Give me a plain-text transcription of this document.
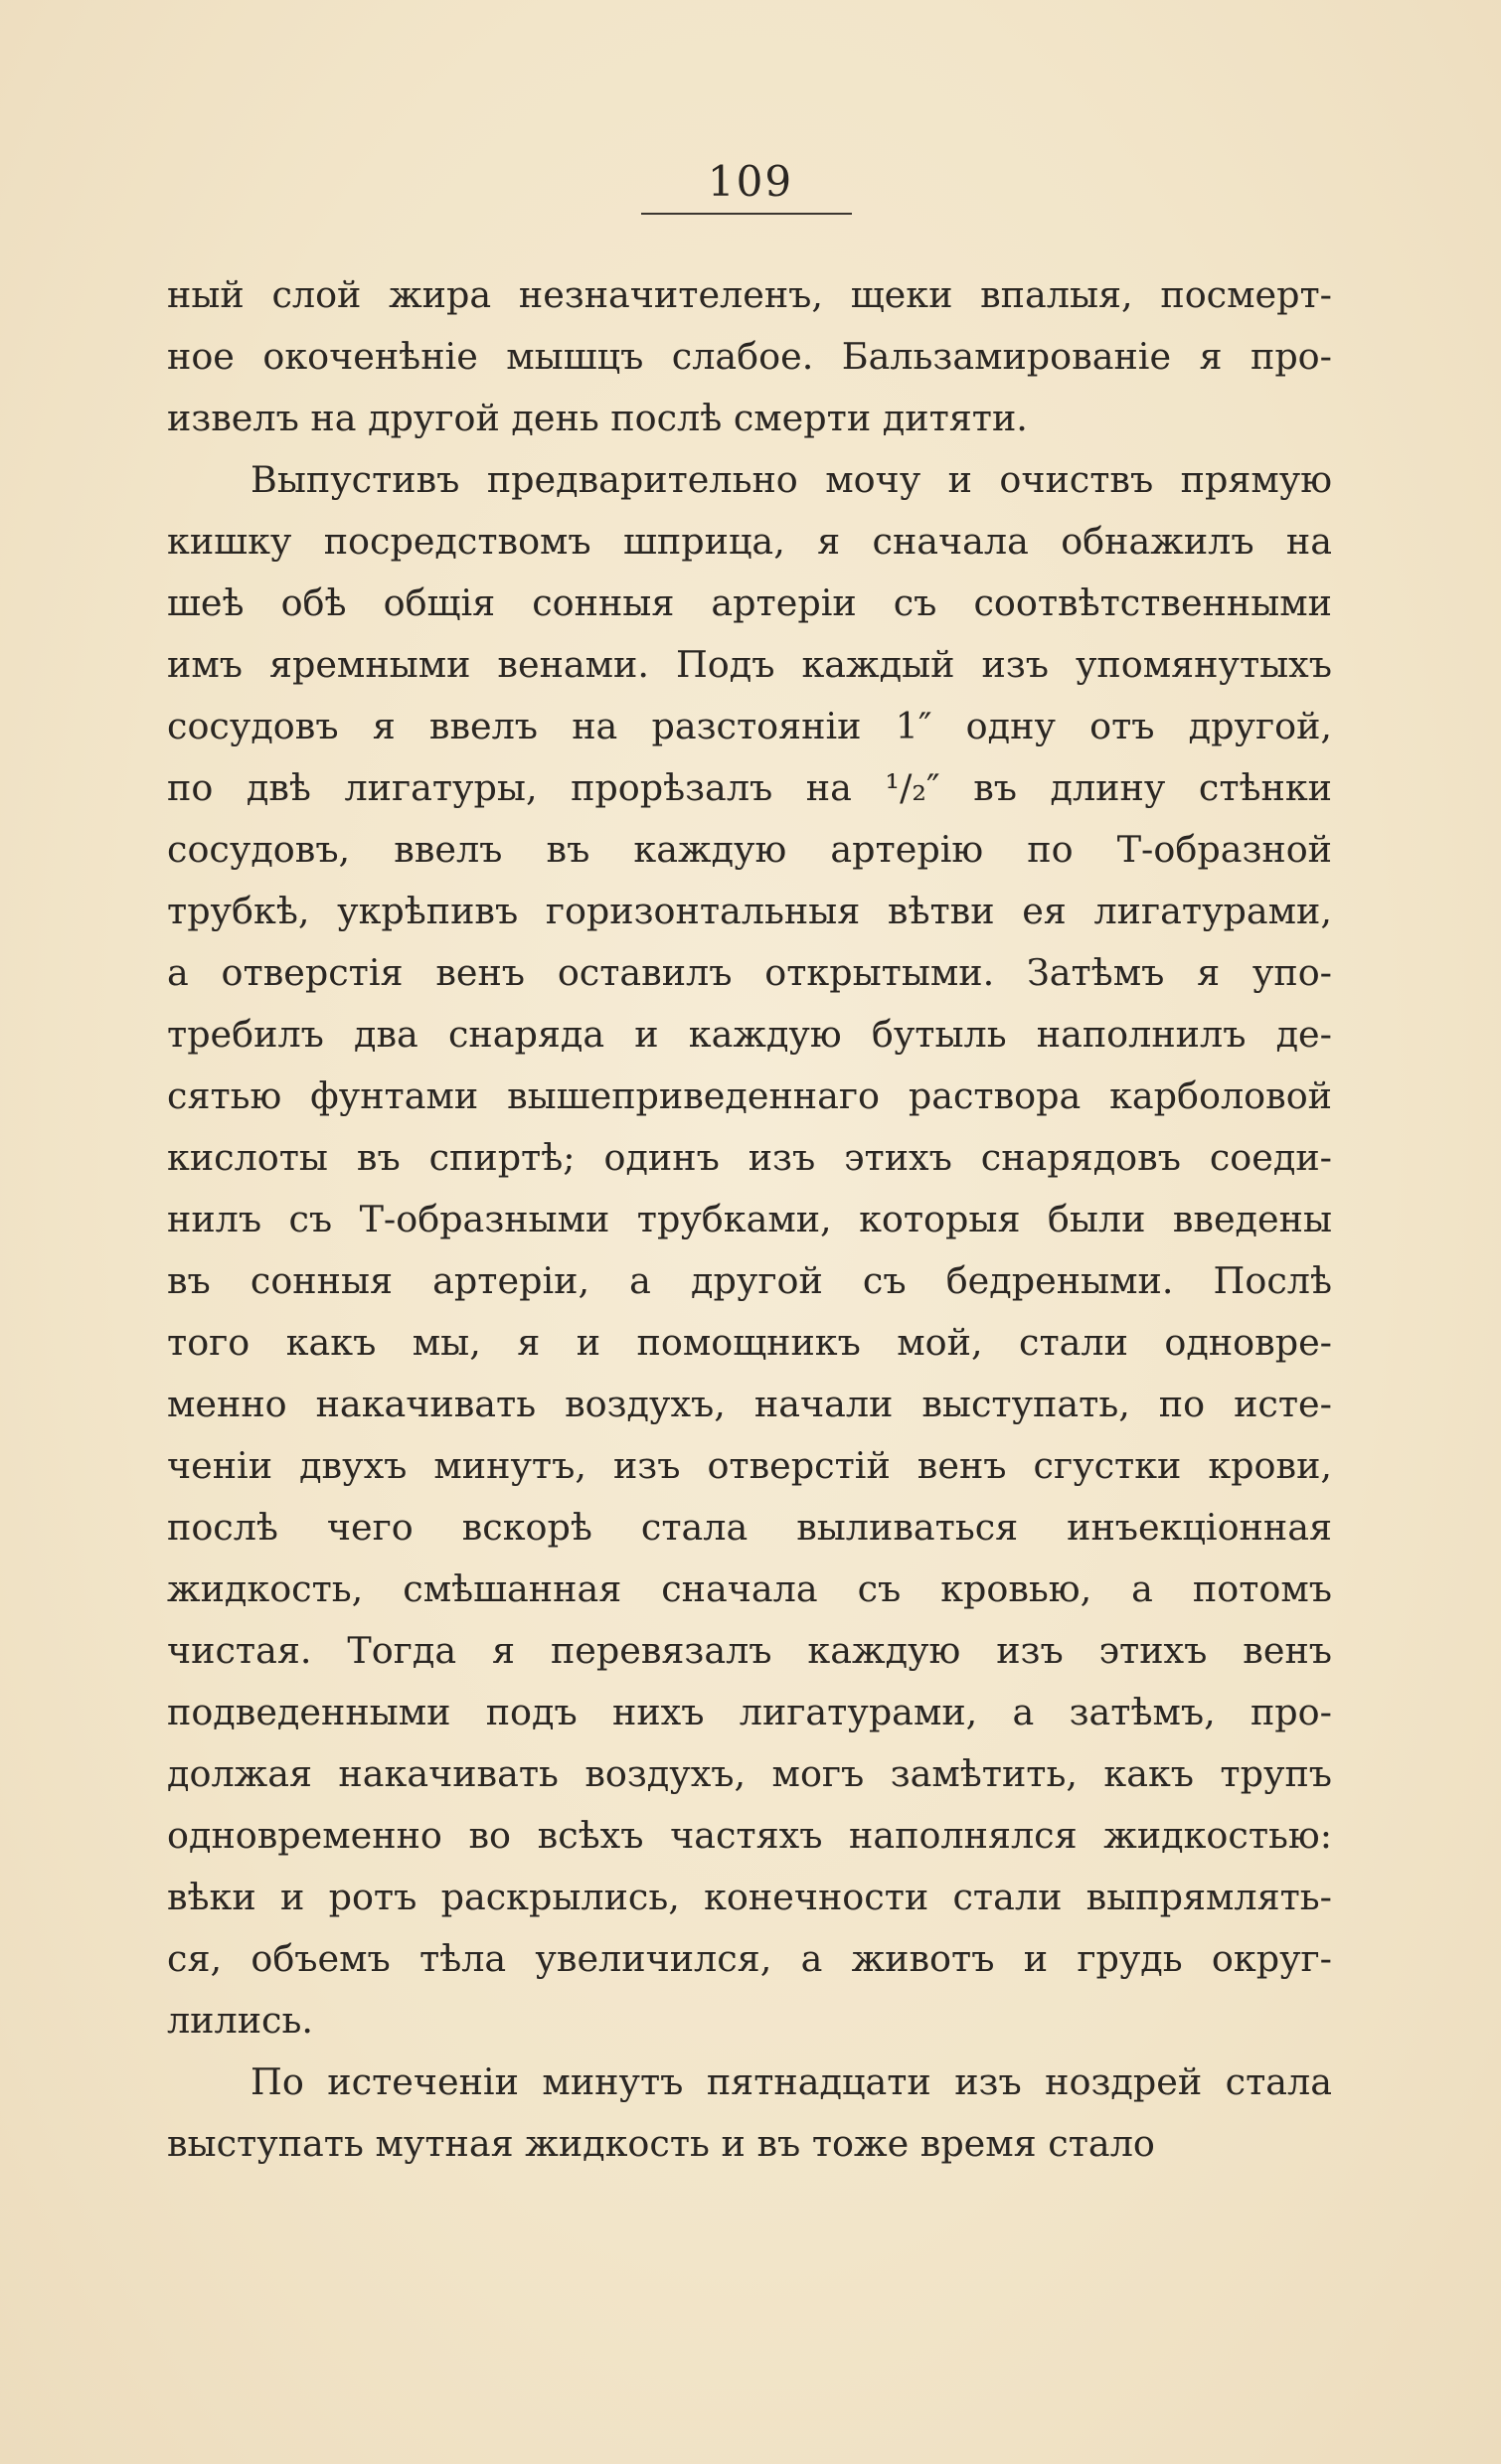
109
ный слой жира незначителенъ, щеки впалыя, посмерт-
ное окоченѣніе мышцъ слабое. Бальзамированіе я про-
извелъ на другой день послѣ смерти дитяти.
Выпустивъ предварительно мочу и очиствъ прямую
кишку посредствомъ шприца, я сначала обнажилъ на
шеѣ обѣ общія сонныя артеріи съ соотвѣтственными
имъ яремными венами. Подъ каждый изъ упомянутыхъ
сосудовъ я ввелъ на разстояніи 1″ одну отъ другой,
по двѣ лигатуры, прорѣзалъ на ¹/₂″ въ длину стѣнки
сосудовъ, ввелъ въ каждую артерію по Т-образной
трубкѣ, укрѣпивъ горизонтальныя вѣтви ея лигатурами,
а отверстія венъ оставилъ открытыми. Затѣмъ я упо-
требилъ два снаряда и каждую бутыль наполнилъ де-
сятью фунтами вышеприведеннаго раствора карболовой
кислоты въ спиртѣ; одинъ изъ этихъ снарядовъ соеди-
нилъ съ Т-образными трубками, которыя были введены
въ сонныя артеріи, а другой съ бедреными. Послѣ
того какъ мы, я и помощникъ мой, стали одновре-
менно накачивать воздухъ, начали выступать, по исте-
ченіи двухъ минутъ, изъ отверстій венъ сгустки крови,
послѣ чего вскорѣ стала выливаться инъекціонная
жидкость, смѣшанная сначала съ кровью, а потомъ
чистая. Тогда я перевязалъ каждую изъ этихъ венъ
подведенными подъ нихъ лигатурами, а затѣмъ, про-
должая накачивать воздухъ, могъ замѣтить, какъ трупъ
одновременно во всѣхъ частяхъ наполнялся жидкостью:
вѣки и ротъ раскрылись, конечности стали выпрямлять-
ся, объемъ тѣла увеличился, а животъ и грудь округ-
лились.
По истеченіи минутъ пятнадцати изъ ноздрей стала
выступать мутная жидкость и въ тоже время стало
